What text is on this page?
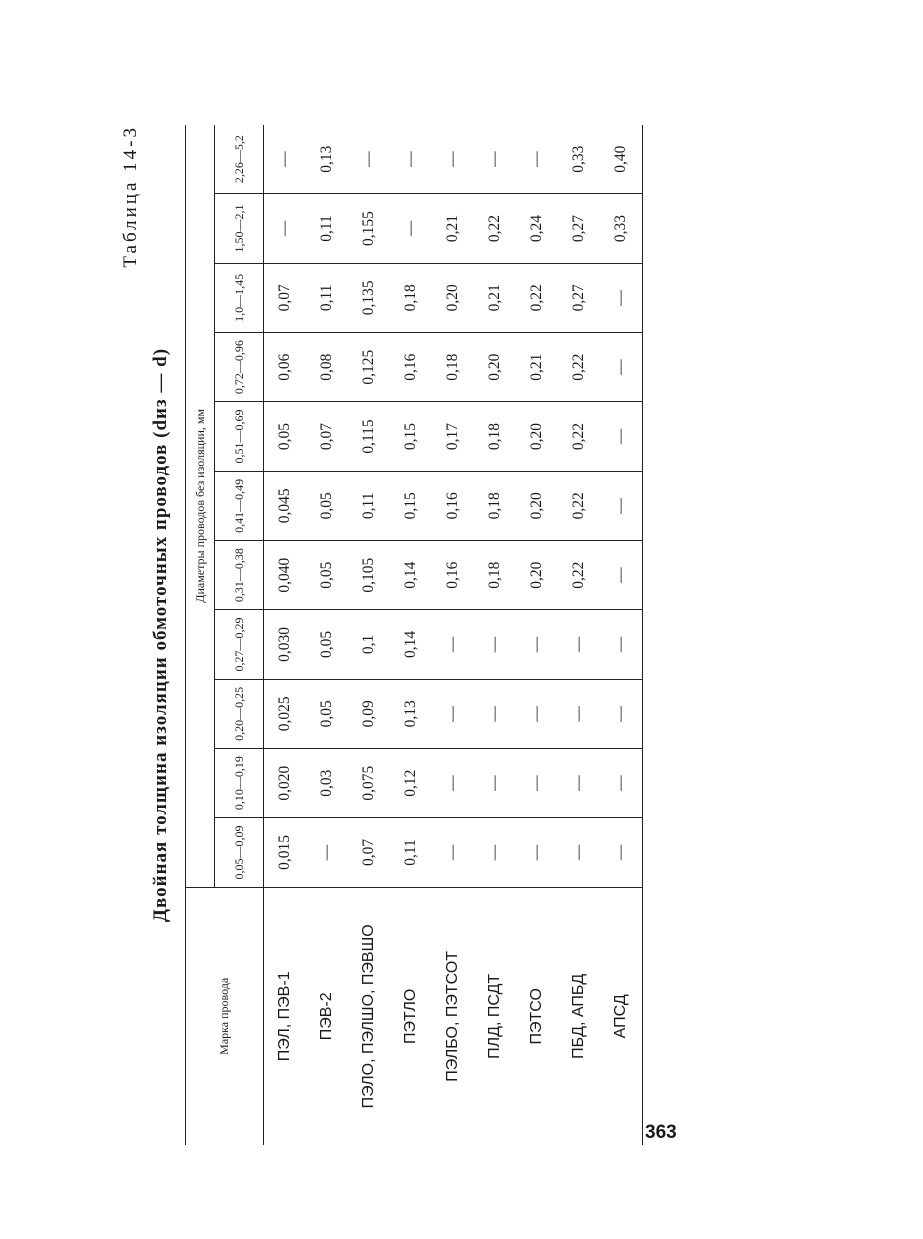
Таблица 14-3
Двойная толщина изоляции обмоточных проводов (dиз — d)
Марка провода	Диаметры проводов без изоляции, мм										
	0,05—0,09	0,10—0,19	0,20—0,25	0,27—0,29	0,31—0,38	0,41—0,49	0,51—0,69	0,72—0,96	1,0—1,45	1,50—2,1	2,26—5,2
ПЭЛ, ПЭВ-1	0,015	0,020	0,025	0,030	0,040	0,045	0,05	0,06	0,07	—	—
ПЭВ-2	—	0,03	0,05	0,05	0,05	0,05	0,07	0,08	0,11	0,11	0,13
ПЭЛО, ПЭЛШО, ПЭВШО	0,07	0,075	0,09	0,1	0,105	0,11	0,115	0,125	0,135	0,155	—
ПЭТЛО	0,11	0,12	0,13	0,14	0,14	0,15	0,15	0,16	0,18	—	—
ПЭЛБО, ПЭТСОТ	—	—	—	—	0,16	0,16	0,17	0,18	0,20	0,21	—
ПЛД, ПСДТ	—	—	—	—	0,18	0,18	0,18	0,20	0,21	0,22	—
ПЭТСО	—	—	—	—	0,20	0,20	0,20	0,21	0,22	0,24	—
ПБД, АПБД	—	—	—	—	0,22	0,22	0,22	0,22	0,27	0,27	0,33
АПСД	—	—	—	—	—	—	—	—	—	0,33	0,40
363
